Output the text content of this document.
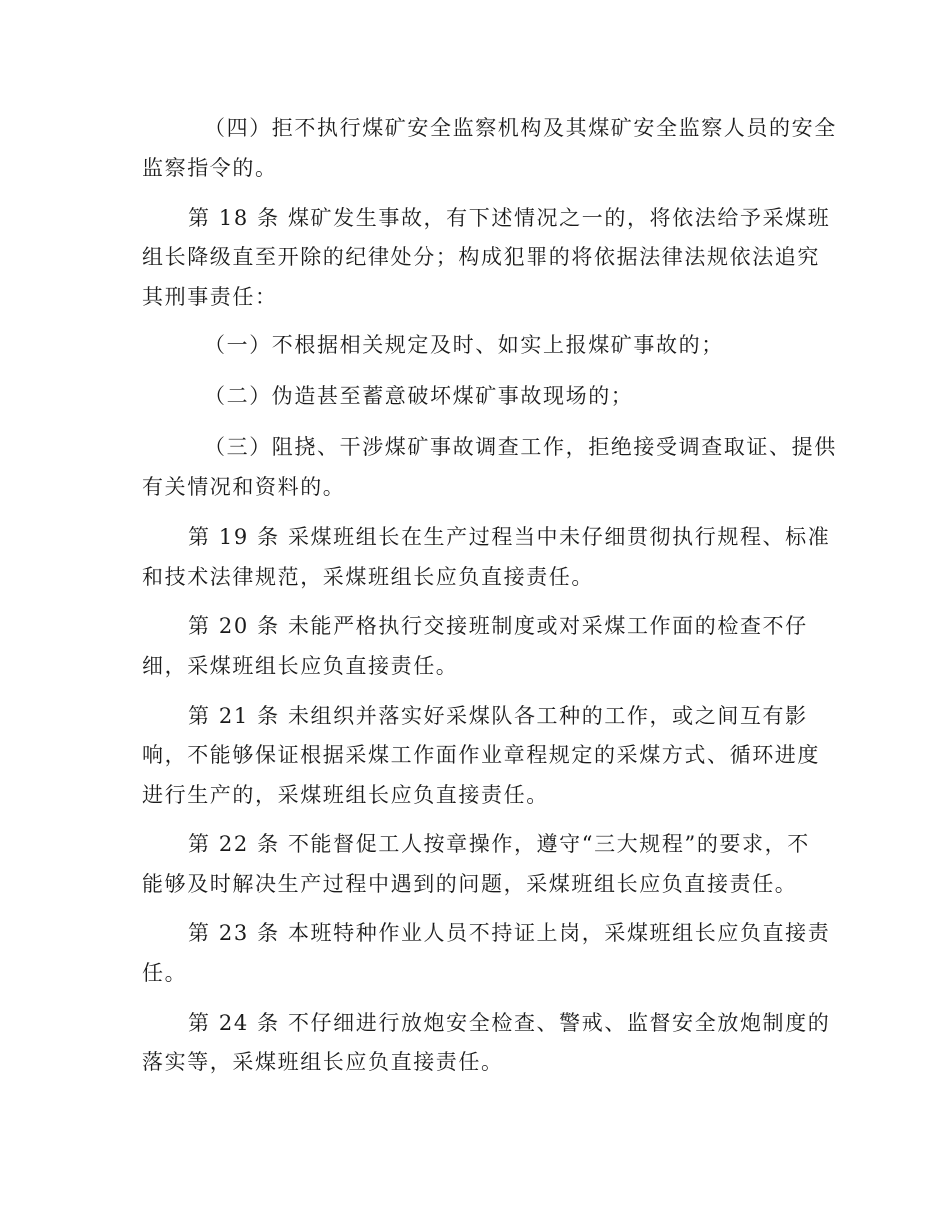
（四）拒不执行煤矿安全监察机构及其煤矿安全监察人员的安全
监察指令的。
第 18 条 煤矿发生事故，有下述情况之一的，将依法给予采煤班
组长降级直至开除的纪律处分；构成犯罪的将依据法律法规依法追究
其刑事责任：
（一）不根据相关规定及时、如实上报煤矿事故的；
（二）伪造甚至蓄意破坏煤矿事故现场的；
（三）阻挠、干涉煤矿事故调查工作，拒绝接受调查取证、提供
有关情况和资料的。
第 19 条 采煤班组长在生产过程当中未仔细贯彻执行规程、标准
和技术法律规范，采煤班组长应负直接责任。
第 20 条 未能严格执行交接班制度或对采煤工作面的检查不仔
细，采煤班组长应负直接责任。
第 21 条 未组织并落实好采煤队各工种的工作，或之间互有影
响，不能够保证根据采煤工作面作业章程规定的采煤方式、循环进度
进行生产的，采煤班组长应负直接责任。
第 22 条 不能督促工人按章操作，遵守“三大规程”的要求，不
能够及时解决生产过程中遇到的问题，采煤班组长应负直接责任。
第 23 条 本班特种作业人员不持证上岗，采煤班组长应负直接责
任。
第 24 条 不仔细进行放炮安全检查、警戒、监督安全放炮制度的
落实等，采煤班组长应负直接责任。
